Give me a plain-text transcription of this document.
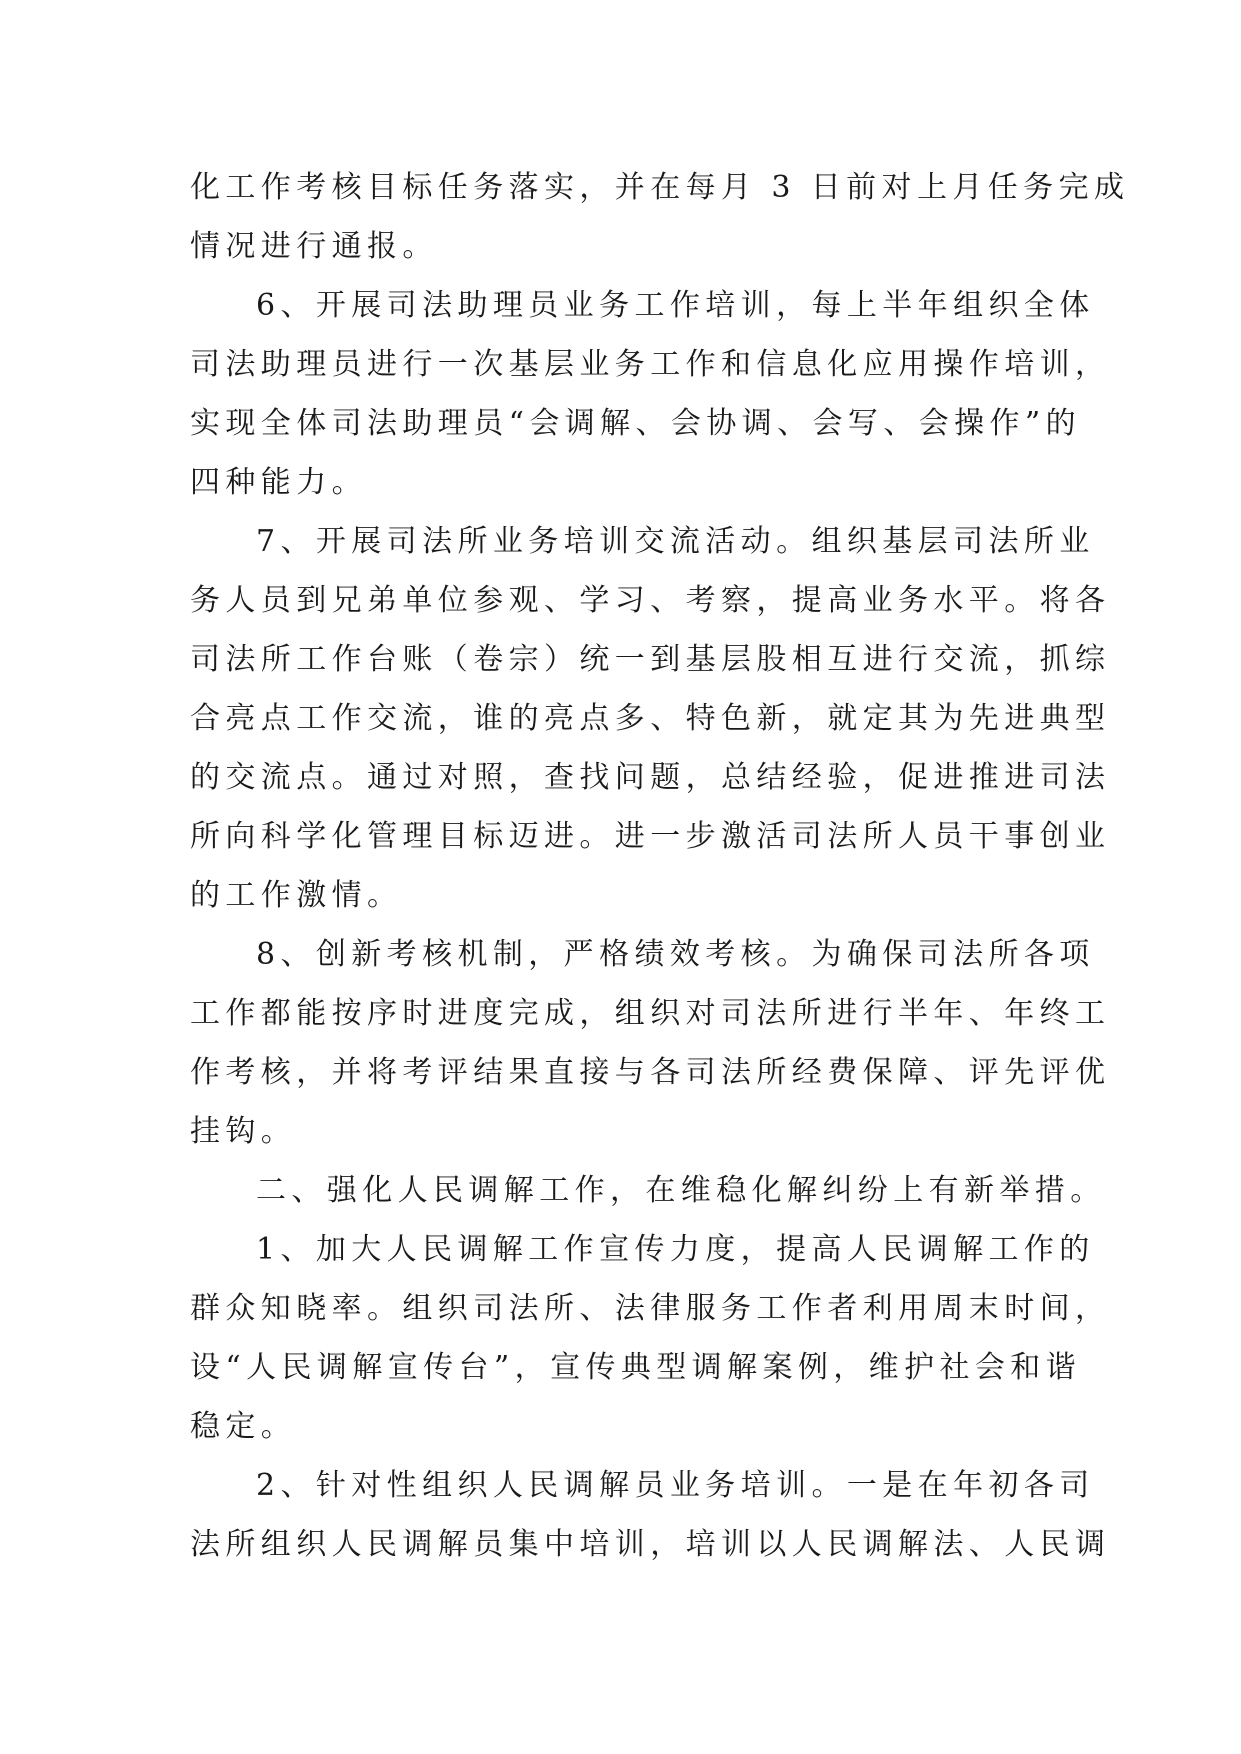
化工作考核目标任务落实，并在每月 3 日前对上月任务完成
情况进行通报。
6、开展司法助理员业务工作培训，每上半年组织全体
司法助理员进行一次基层业务工作和信息化应用操作培训，
实现全体司法助理员“会调解、会协调、会写、会操作”的
四种能力。
7、开展司法所业务培训交流活动。组织基层司法所业
务人员到兄弟单位参观、学习、考察，提高业务水平。将各
司法所工作台账（卷宗）统一到基层股相互进行交流，抓综
合亮点工作交流，谁的亮点多、特色新，就定其为先进典型
的交流点。通过对照，查找问题，总结经验，促进推进司法
所向科学化管理目标迈进。进一步激活司法所人员干事创业
的工作激情。
8、创新考核机制，严格绩效考核。为确保司法所各项
工作都能按序时进度完成，组织对司法所进行半年、年终工
作考核，并将考评结果直接与各司法所经费保障、评先评优
挂钩。
二、强化人民调解工作，在维稳化解纠纷上有新举措。
1、加大人民调解工作宣传力度，提高人民调解工作的
群众知晓率。组织司法所、法律服务工作者利用周末时间，
设“人民调解宣传台”，宣传典型调解案例，维护社会和谐
稳定。
2、针对性组织人民调解员业务培训。一是在年初各司
法所组织人民调解员集中培训，培训以人民调解法、人民调
